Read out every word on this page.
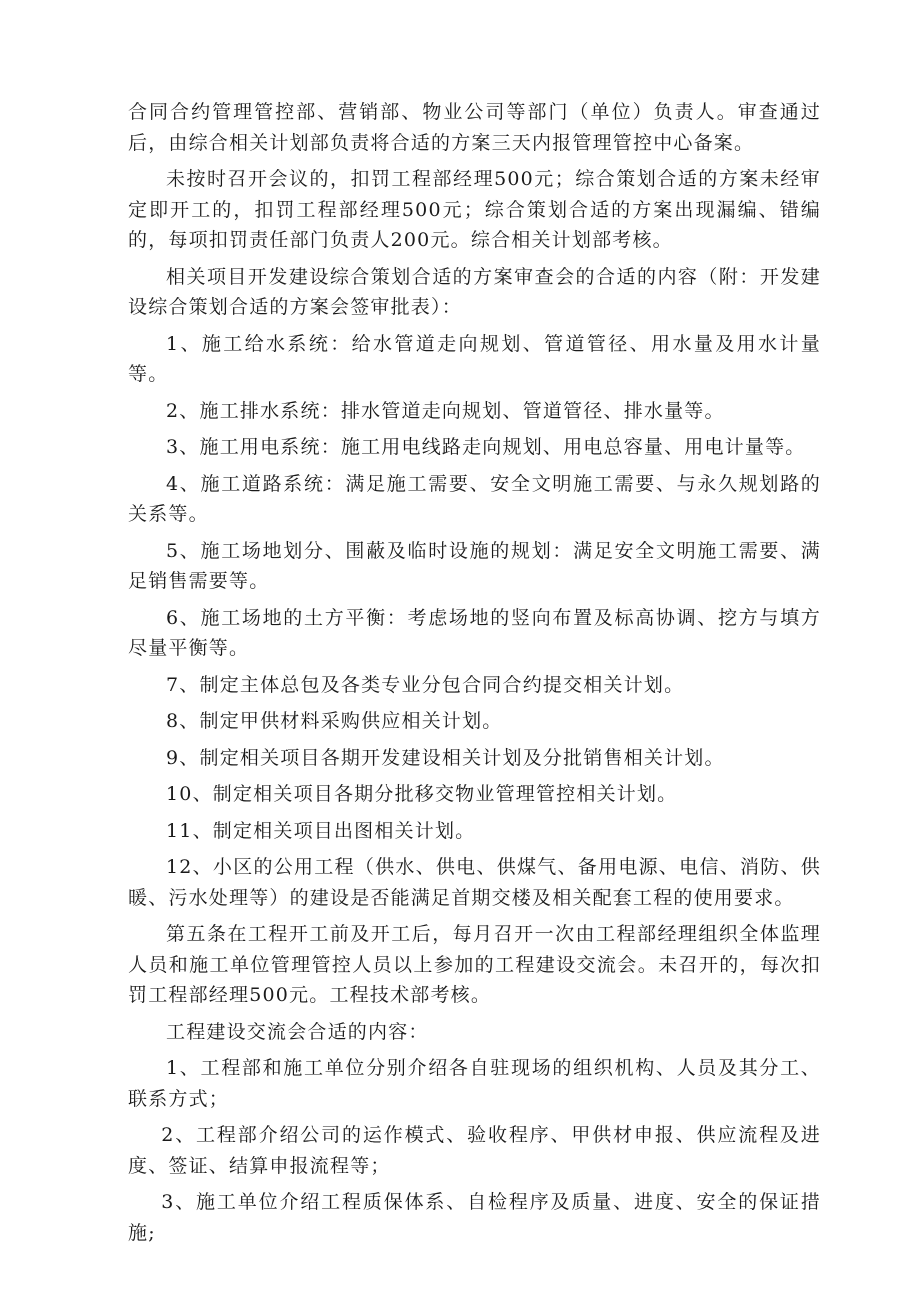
合同合约管理管控部、营销部、物业公司等部门（单位）负责人。审查通过后，由综合相关计划部负责将合适的方案三天内报管理管控中心备案。

未按时召开会议的，扣罚工程部经理500元；综合策划合适的方案未经审定即开工的，扣罚工程部经理500元；综合策划合适的方案出现漏编、错编的，每项扣罚责任部门负责人200元。综合相关计划部考核。

相关项目开发建设综合策划合适的方案审查会的合适的内容（附：开发建设综合策划合适的方案会签审批表）：

1、施工给水系统：给水管道走向规划、管道管径、用水量及用水计量等。

2、施工排水系统：排水管道走向规划、管道管径、排水量等。

3、施工用电系统：施工用电线路走向规划、用电总容量、用电计量等。

4、施工道路系统：满足施工需要、安全文明施工需要、与永久规划路的关系等。

5、施工场地划分、围蔽及临时设施的规划：满足安全文明施工需要、满足销售需要等。

6、施工场地的土方平衡：考虑场地的竖向布置及标高协调、挖方与填方尽量平衡等。

7、制定主体总包及各类专业分包合同合约提交相关计划。

8、制定甲供材料采购供应相关计划。

9、制定相关项目各期开发建设相关计划及分批销售相关计划。

10、制定相关项目各期分批移交物业管理管控相关计划。

11、制定相关项目出图相关计划。

12、小区的公用工程（供水、供电、供煤气、备用电源、电信、消防、供暖、污水处理等）的建设是否能满足首期交楼及相关配套工程的使用要求。

第五条在工程开工前及开工后，每月召开一次由工程部经理组织全体监理人员和施工单位管理管控人员以上参加的工程建设交流会。未召开的，每次扣罚工程部经理500元。工程技术部考核。

工程建设交流会合适的内容：

1、工程部和施工单位分别介绍各自驻现场的组织机构、人员及其分工、联系方式；

2、工程部介绍公司的运作模式、验收程序、甲供材申报、供应流程及进度、签证、结算申报流程等；

3、施工单位介绍工程质保体系、自检程序及质量、进度、安全的保证措施;
